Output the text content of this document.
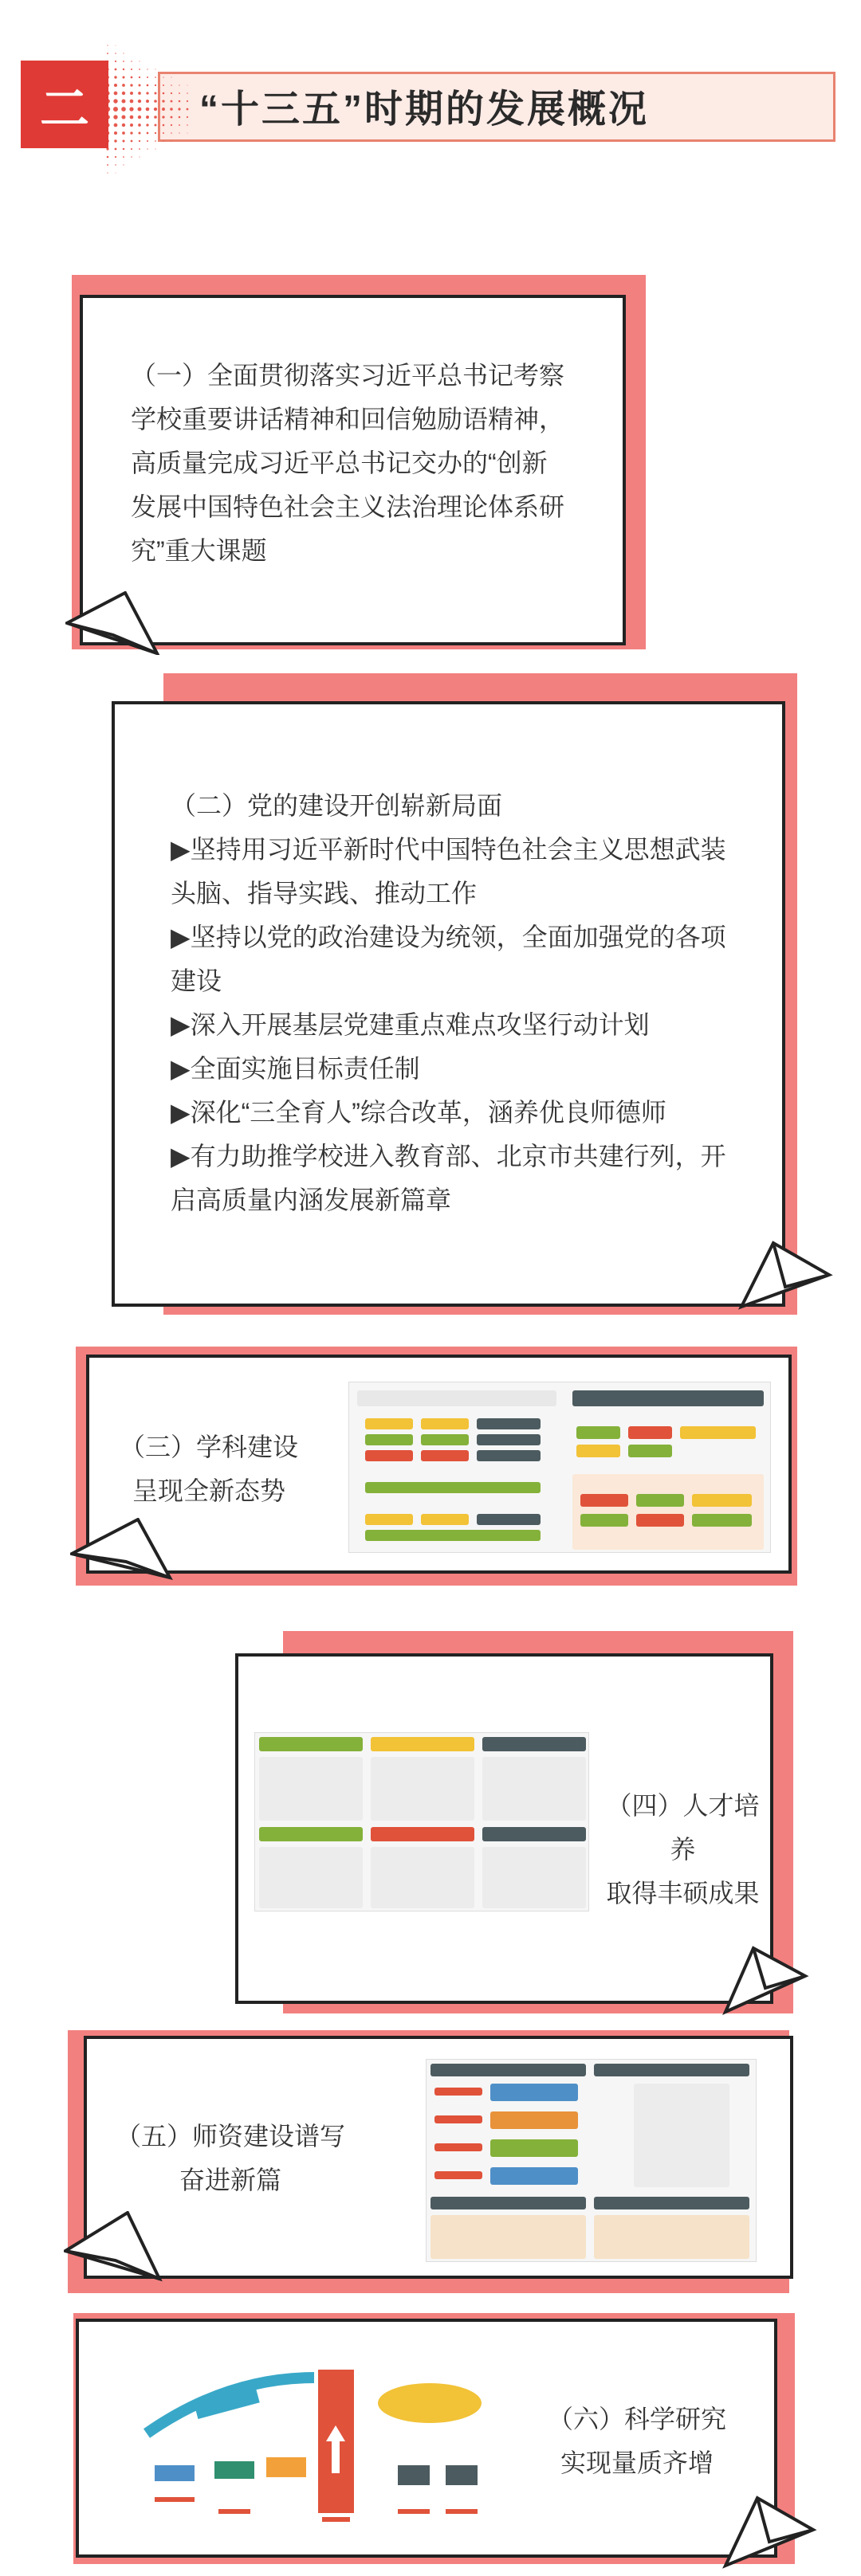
二	“十三五”时期的发展概况
（一）全面贯彻落实习近平总书记考察
学校重要讲话精神和回信勉励语精神，
高质量完成习近平总书记交办的“创新
发展中国特色社会主义法治理论体系研
究”重大课题
（二）党的建设开创崭新局面
▶坚持用习近平新时代中国特色社会主义思想武装
头脑、指导实践、推动工作
▶坚持以党的政治建设为统领，全面加强党的各项
建设
▶深入开展基层党建重点难点攻坚行动计划
▶全面实施目标责任制
▶深化“三全育人”综合改革，涵养优良师德师
▶有力助推学校进入教育部、北京市共建行列，开
启高质量内涵发展新篇章
（三）学科建设
呈现全新态势
（四）人才培养
取得丰硕成果
（五）师资建设谱写
奋进新篇
（六）科学研究
实现量质齐增
